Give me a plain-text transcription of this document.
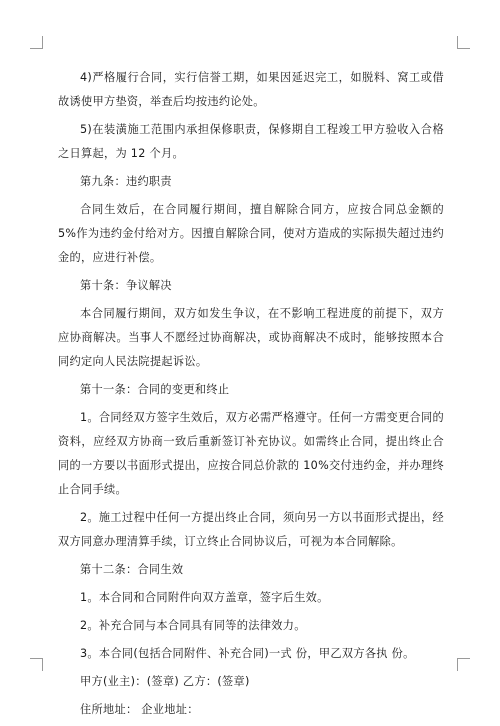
4)严格履行合同，实行信誉工期，如果因延迟完工，如脱料、窝工或借故诱使甲方垫资，举查后均按违约论处。

5)在装潢施工范围内承担保修职责，保修期自工程竣工甲方验收入合格之日算起，为 12 个月。

第九条：违约职责

合同生效后，在合同履行期间，擅自解除合同方，应按合同总金额的 5%作为违约金付给对方。因擅自解除合同，使对方造成的实际损失超过违约金的，应进行补偿。

第十条：争议解决

本合同履行期间，双方如发生争议，在不影响工程进度的前提下，双方应协商解决。当事人不愿经过协商解决，或协商解决不成时，能够按照本合同约定向人民法院提起诉讼。

第十一条：合同的变更和终止

1。合同经双方签字生效后，双方必需严格遵守。任何一方需变更合同的资料，应经双方协商一致后重新签订补充协议。如需终止合同，提出终止合同的一方要以书面形式提出，应按合同总价款的 10%交付违约金，并办理终止合同手续。

2。施工过程中任何一方提出终止合同，须向另一方以书面形式提出，经双方同意办理清算手续，订立终止合同协议后，可视为本合同解除。

第十二条：合同生效

1。本合同和合同附件向双方盖章，签字后生效。

2。补充合同与本合同具有同等的法律效力。

3。本合同(包括合同附件、补充合同)一式 份，甲乙双方各执 份。

甲方(业主)：(签章) 乙方：(签章)

住所地址： 企业地址：
